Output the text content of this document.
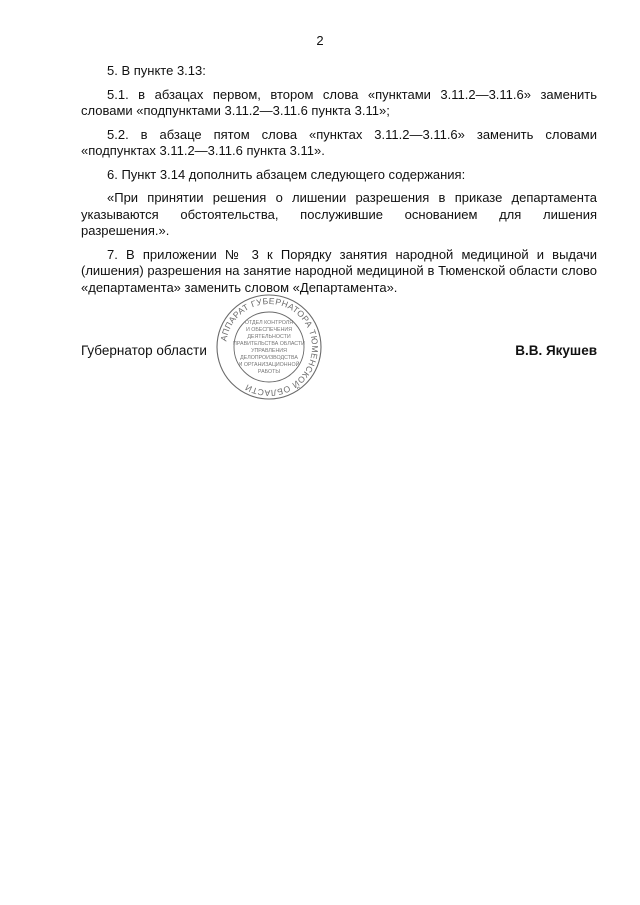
2

5. В пункте 3.13:

5.1. в абзацах первом, втором слова «пунктами 3.11.2—3.11.6» заменить словами «подпунктами 3.11.2—3.11.6 пункта 3.11»;

5.2. в абзаце пятом слова «пунктах 3.11.2—3.11.6» заменить словами «подпунктах 3.11.2—3.11.6 пункта 3.11».

6. Пункт 3.14 дополнить абзацем следующего содержания:

«При принятии решения о лишении разрешения в приказе департамента указываются обстоятельства, послужившие основанием для лишения разрешения.».

7. В приложении № 3 к Порядку занятия народной медициной и выдачи (лишения) разрешения на занятие народной медициной в Тюменской области слово «департамента» заменить словом «Департамента».

Губернатор области	В.В. Якушев
АППАРАТ ГУБЕРНАТОРА ТЮМЕНСКОЙ ОБЛАСТИ
ОТДЕЛ КОНТРОЛЯ
И ОБЕСПЕЧЕНИЯ
ДЕЯТЕЛЬНОСТИ
ПРАВИТЕЛЬСТВА ОБЛАСТИ
УПРАВЛЕНИЯ
ДЕЛОПРОИЗВОДСТВА
И ОРГАНИЗАЦИОННОЙ
РАБОТЫ
